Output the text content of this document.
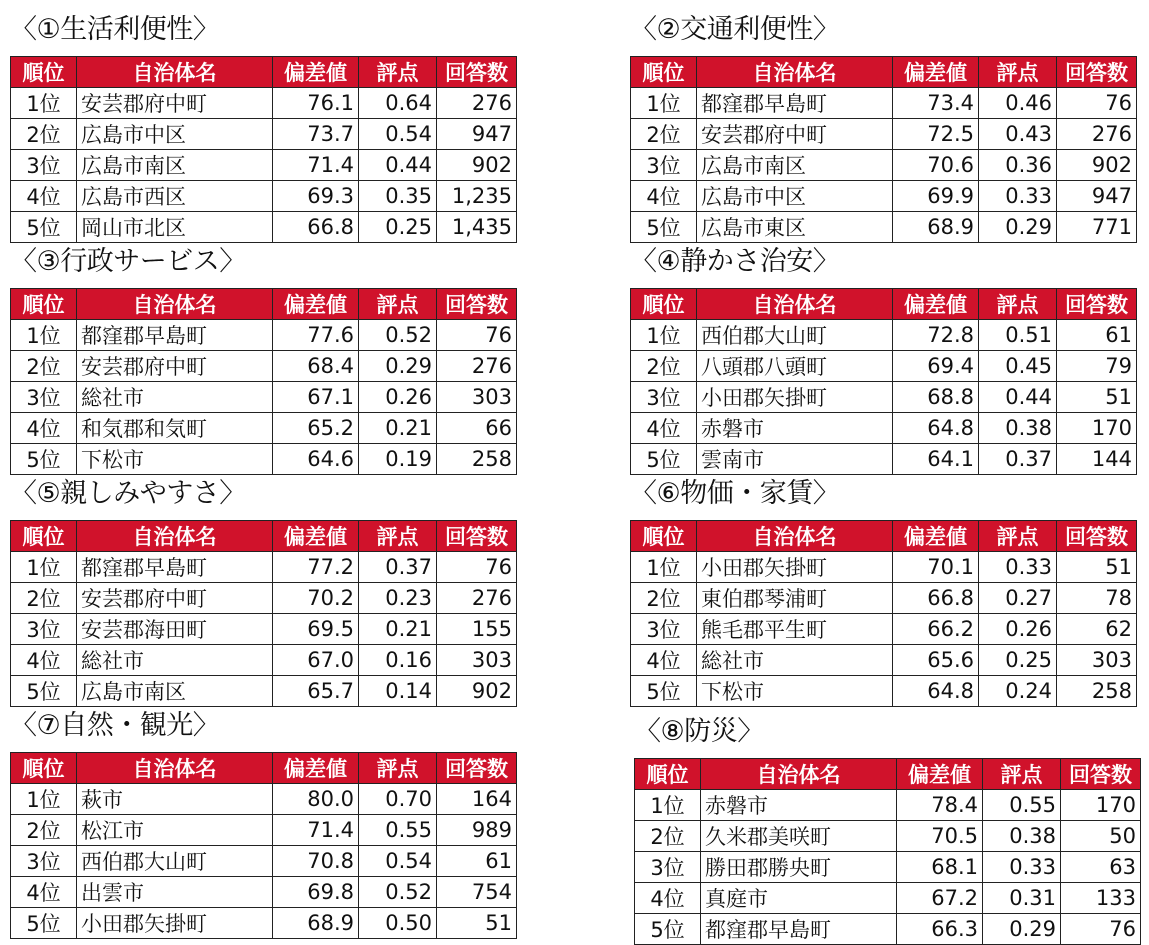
〈①生活利便性〉
順位	自治体名	偏差値	評点	回答数
1位	安芸郡府中町	76.1	0.64	276
2位	広島市中区	73.7	0.54	947
3位	広島市南区	71.4	0.44	902
4位	広島市西区	69.3	0.35	1,235
5位	岡山市北区	66.8	0.25	1,435
〈②交通利便性〉
順位	自治体名	偏差値	評点	回答数
1位	都窪郡早島町	73.4	0.46	76
2位	安芸郡府中町	72.5	0.43	276
3位	広島市南区	70.6	0.36	902
4位	広島市中区	69.9	0.33	947
5位	広島市東区	68.9	0.29	771
〈③行政サービス〉
順位	自治体名	偏差値	評点	回答数
1位	都窪郡早島町	77.6	0.52	76
2位	安芸郡府中町	68.4	0.29	276
3位	総社市	67.1	0.26	303
4位	和気郡和気町	65.2	0.21	66
5位	下松市	64.6	0.19	258
〈④静かさ治安〉
順位	自治体名	偏差値	評点	回答数
1位	西伯郡大山町	72.8	0.51	61
2位	八頭郡八頭町	69.4	0.45	79
3位	小田郡矢掛町	68.8	0.44	51
4位	赤磐市	64.8	0.38	170
5位	雲南市	64.1	0.37	144
〈⑤親しみやすさ〉
順位	自治体名	偏差値	評点	回答数
1位	都窪郡早島町	77.2	0.37	76
2位	安芸郡府中町	70.2	0.23	276
3位	安芸郡海田町	69.5	0.21	155
4位	総社市	67.0	0.16	303
5位	広島市南区	65.7	0.14	902
〈⑥物価・家賃〉
順位	自治体名	偏差値	評点	回答数
1位	小田郡矢掛町	70.1	0.33	51
2位	東伯郡琴浦町	66.8	0.27	78
3位	熊毛郡平生町	66.2	0.26	62
4位	総社市	65.6	0.25	303
5位	下松市	64.8	0.24	258
〈⑦自然・観光〉
順位	自治体名	偏差値	評点	回答数
1位	萩市	80.0	0.70	164
2位	松江市	71.4	0.55	989
3位	西伯郡大山町	70.8	0.54	61
4位	出雲市	69.8	0.52	754
5位	小田郡矢掛町	68.9	0.50	51
〈⑧防災〉
順位	自治体名	偏差値	評点	回答数
1位	赤磐市	78.4	0.55	170
2位	久米郡美咲町	70.5	0.38	50
3位	勝田郡勝央町	68.1	0.33	63
4位	真庭市	67.2	0.31	133
5位	都窪郡早島町	66.3	0.29	76
